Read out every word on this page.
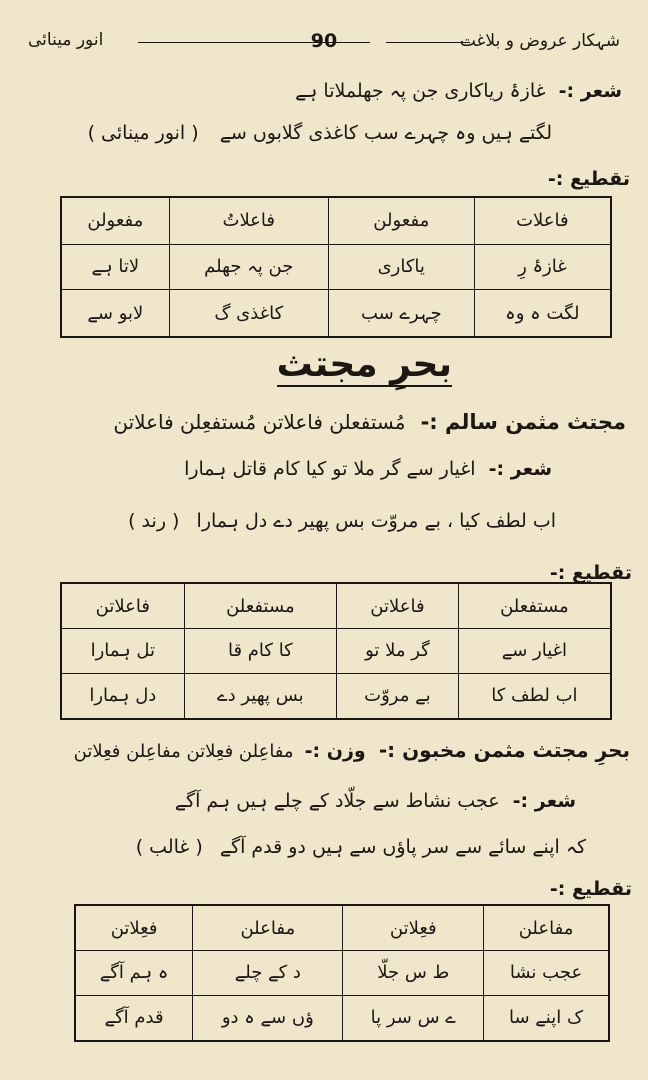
شہکار عروض و بلاغت
90
انور مینائی
شعر :- غازۂ ریاکاری جن پہ جھلملاتا ہے
لگتے ہیں وہ چہرے سب کاغذی گلابوں سے ( انور مینائی )
تقطیع :-
فاعلات	مفعولن	فاعلاتُ	مفعولن
غازۂ رِ	یاکاری	جن پہ جھلم	لاتا ہے
لگت ہ وہ	چہرے سب	کاغذی گ	لابو سے
بحرِ مجتث
مجتث مثمن سالم :- مُستفعلن فاعلاتن مُستفعِلن فاعلاتن
شعر :- اغیار سے گر ملا تو کیا کام قاتل ہمارا
اب لطف کیا ، بے مروّت بس پھیر دے دل ہمارا ( رند )
تقطیع :-
مستفعلن	فاعلاتن	مستفعلن	فاعلاتن
اغیار سے	گر ملا تو	کا کام قا	تل ہمارا
اب لطف کا	بے مروّت	بس پھیر دے	دل ہمارا
بحرِ مجتث مثمن مخبون :- وزن :- مفاعِلن فعِلاتن مفاعِلن فعِلاتن
شعر :- عجب نشاط سے جلّاد کے چلے ہیں ہم آگے
کہ اپنے سائے سے سر پاؤں سے ہیں دو قدم آگے ( غالب )
تقطیع :-
مفاعلن	فعِلاتن	مفاعلن	فعِلاتن
عجب نشا	ط س جلّا	د کے چلے	ہ ہم آگے
ک اپنے سا	ے س سر پا	ؤں سے ہ دو	قدم آگے
